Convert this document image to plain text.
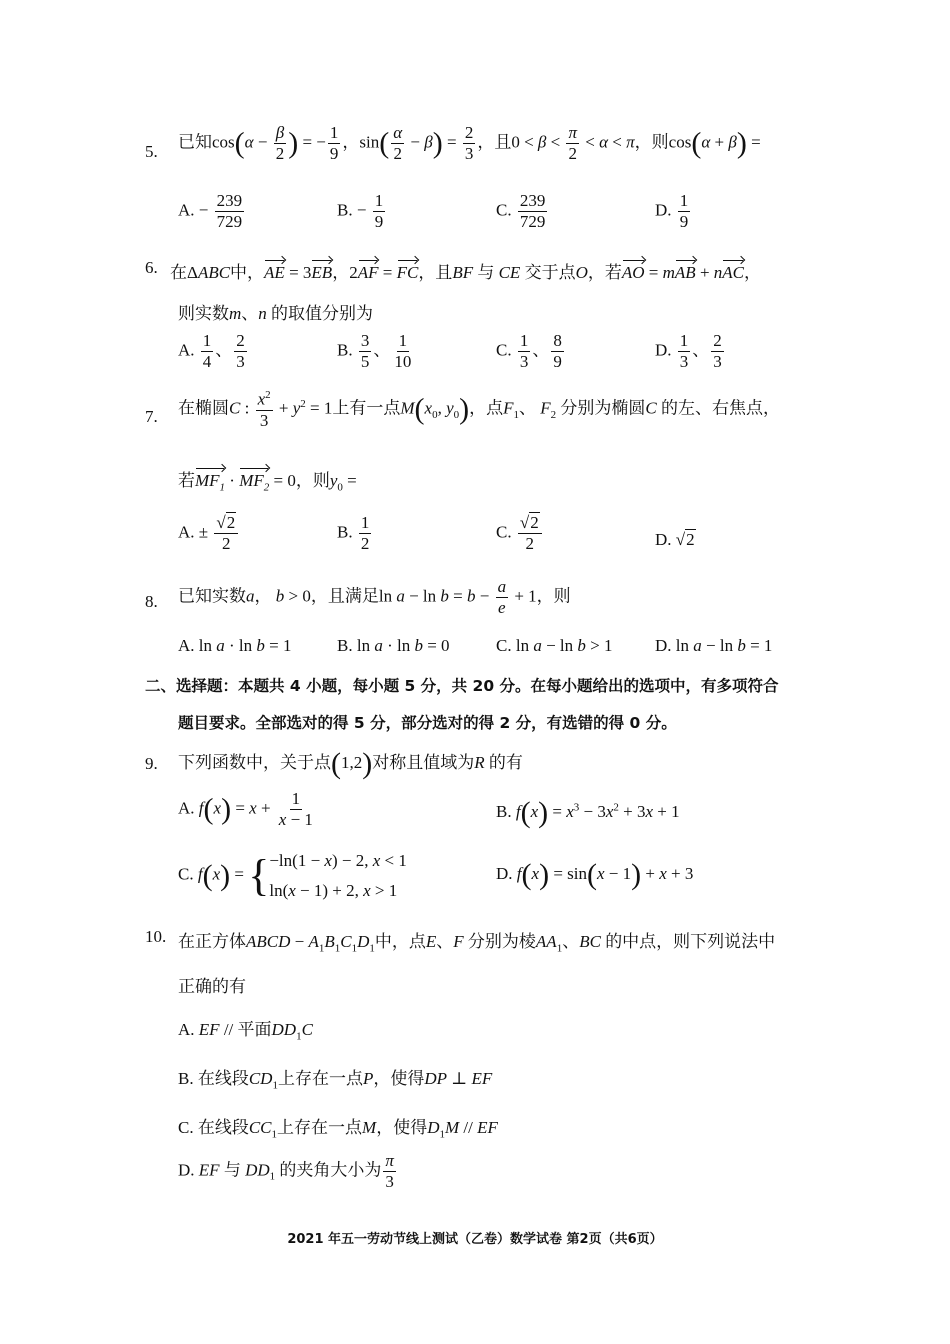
5.
已知$\cos(\alpha - \frac{\beta}{2}$ ) = − $\frac{1}{9}$ ，$\sin( \frac{\alpha}{2} - \beta) = \frac{2}{3}$ ，且$0 < \beta < \frac{\pi}{2} < \alpha < \pi$，则cos(α + β) =
A. − $\frac{239}{729}$	B. − $\frac{1}{9}$	C. $\frac{239}{729}$	D. $\frac{1}{9}$
6. 在ΔABC中，AE = 3EB，2AF = FC，且BF 与 CE 交于点O，若AO = mAB + nAC，
则实数m、n 的取值分别为
A. $\frac{1}{4}$ 、 $\frac{2}{3}$	B. $\frac{3}{5}$ 、 $\frac{1}{10}$	C. $\frac{1}{3}$ 、 $\frac{8}{9}$	D. $\frac{1}{3}$ 、 $\frac{2}{3}$
7. 在椭圆C : $\frac{x^2}{3} + y^2 = 1$上有一点$M(x_0$, $y_0$)，点$F_1$、 $F_2$ 分别为椭圆C 的左、右焦点，
若$MF_1 \cdot MF_2 = 0$，则$y_0$ =
A. ± $\frac{√2}{2}$	B. $\frac{1}{2}$	C. $\frac{√2}{2}$	D. √2
8. 已知实数a， b > 0，且满足$\ln a - \ln b = b - \frac{a}{e} + 1$，则
A. ln a · ln b = 1	B. ln a · ln b = 0	C. ln a − ln b > 1	D. ln a − ln b = 1
二、选择题：本题共 4 小题，每小题 5 分，共 20 分。在每小题给出的选项中，有多项符合
题目要求。全部选对的得 5 分，部分选对的得 2 分，有选错的得 0 分。
9. 下列函数中，关于点(1,2)对称且值域为R 的有
A. $f(x) = x + \frac{1}{x - 1}$	B. $f(x) = x^3 - 3x^2 + 3x + 1$
C. f(x) = { −ln(1 − x) − 2, x < 1
ln(x − 1) + 2, x > 1
D. f(x) = sin(x − 1) + x + 3
10. 在正方体ABCD − $A_1B_1C_1D_1$中，点E、F 分别为棱$AA_1$、BC 的中点，则下列说法中
正确的有
A. EF // 平面$DD_1C$
B. 在线段$CD_1$上存在一点P，使得DP ⊥ EF
C. 在线段$CC_1$上存在一点M，使得$D_1M$ // EF
D. EF 与 $DD_1$ 的夹角大小为 $\frac{\pi}{3}$
2021 年五一劳动节线上测试（乙卷）数学试卷 第2页（共6页）
